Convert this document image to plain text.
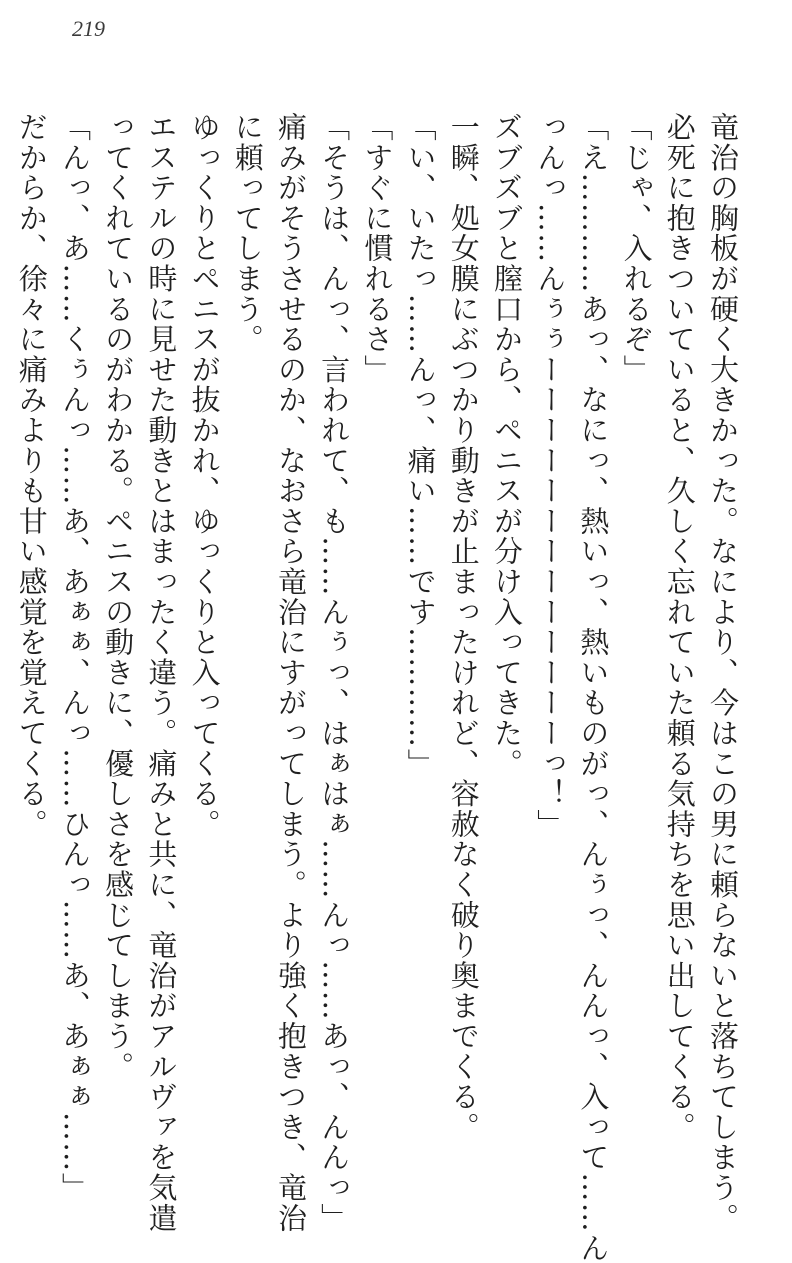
219
竜治の胸板が硬く大きかった。なにより、今はこの男に頼らないと落ちてしまう。
必死に抱きついていると、久しく忘れていた頼る気持ちを思い出してくる。
「じゃ、入れるぞ」
「え…………あっ、なにっ、熱いっ、熱いものがっ、んぅっ、んんっ、入って……ん
っんっ……んぅぅーーーーーーーーーーーーーっ！」
ズブズブと膣口から、ペニスが分け入ってきた。
一瞬、処女膜にぶつかり動きが止まったけれど、容赦なく破り奥までくる。
「い、いたっ……んっ、痛い……です…………」
「すぐに慣れるさ」
「そうは、んっ、言われて、も……んぅっ、はぁはぁ……んっ……あっ、んんっ」
痛みがそうさせるのか、なおさら竜治にすがってしまう。より強く抱きつき、竜治
に頼ってしまう。
ゆっくりとペニスが抜かれ、ゆっくりと入ってくる。
エステルの時に見せた動きとはまったく違う。痛みと共に、竜治がアルヴァを気遣
ってくれているのがわかる。ペニスの動きに、優しさを感じてしまう。
「んっ、あ……くぅんっ……あ、あぁぁ、んっ……ひんっ……あ、あぁぁ……」
だからか、徐々に痛みよりも甘い感覚を覚えてくる。
